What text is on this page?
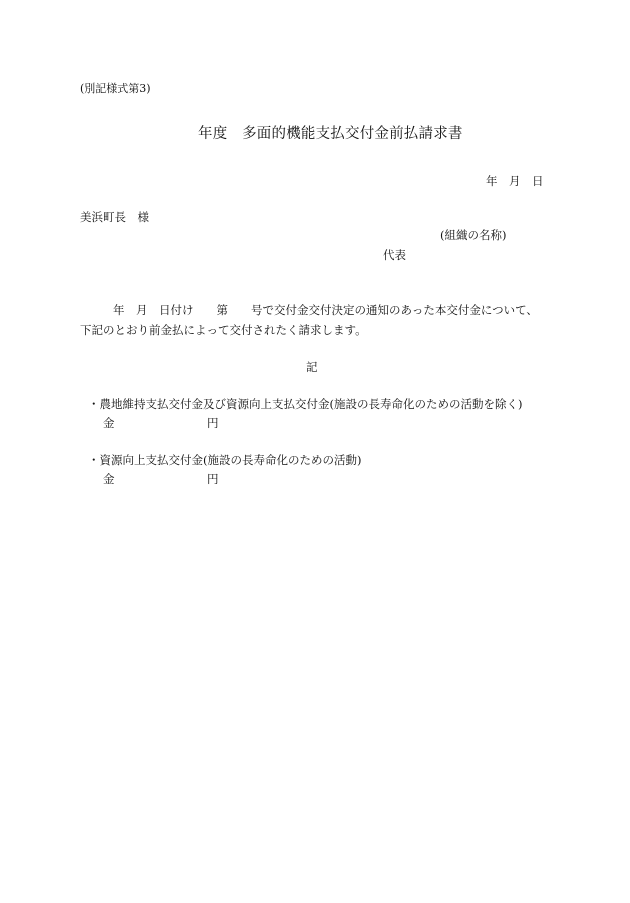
(別記様式第3)
年度　多面的機能支払交付金前払請求書
年　月　日
美浜町長　様
(組織の名称)
代表
年　月　日付け　　第　　号で交付金交付決定の通知のあった本交付金について、
下記のとおり前金払によって交付されたく請求します。
記
・農地維持支払交付金及び資源向上支払交付金(施設の長寿命化のための活動を除く)
金	円
・資源向上支払交付金(施設の長寿命化のための活動)
金	円
